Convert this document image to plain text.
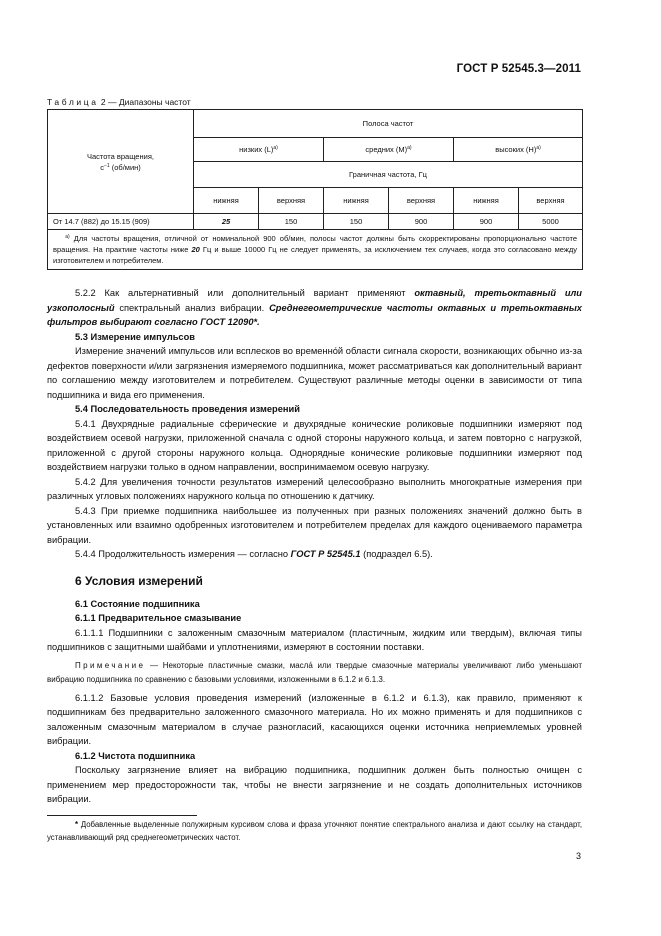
ГОСТ Р 52545.3—2011
Таблица 2 — Диапазоны частот
Частота вращения,
$с^{-1}$ (об/мин)	Полоса частот					
	низких $(L)^{а)}$		средних $(M)^{а)}$		высоких $(H)^{а)}$
	Граничная частота, Гц					
	нижняя	верхняя	нижняя	верхняя	нижняя	верхняя
От 14.7 (882) до 15.15 (909)	25	150	150	900	900	5000
$^{а)}$ Для частоты вращения, отличной от номинальной 900 об/мин, полосы частот должны быть скорректированы пропорционально частоте вращения. На практике частоты ниже 20 Гц и выше 10000 Гц не следует применять, за исключением тех случаев, когда это согласовано между изготовителем и потребителем.						

5.2.2 Как альтернативный или дополнительный вариант применяют октавный, третьоктавный или узкополосный спектральный анализ вибрации. Среднегеометрические частоты октавных и третьоктавных фильтров выбирают согласно ГОСТ 12090*.

5.3 Измерение импульсов

Измерение значений импульсов или всплесков во временно́й области сигнала скорости, возникающих обычно из-за дефектов поверхности и/или загрязнения измеряемого подшипника, может рассматриваться как дополнительный вариант по соглашению между изготовителем и потребителем. Существуют различные методы оценки в зависимости от типа подшипника и вида его применения.

5.4 Последовательность проведения измерений

5.4.1 Двухрядные радиальные сферические и двухрядные конические роликовые подшипники измеряют под воздействием осевой нагрузки, приложенной сначала с одной стороны наружного кольца, и затем повторно с нагрузкой, приложенной с другой стороны наружного кольца. Однорядные конические роликовые подшипники измеряют под воздействием нагрузки только в одном направлении, воспринимаемом осевую нагрузку.

5.4.2 Для увеличения точности результатов измерений целесообразно выполнить многократные измерения при различных угловых положениях наружного кольца по отношению к датчику.

5.4.3 При приемке подшипника наибольшее из полученных при разных положениях значений должно быть в установленных или взаимно одобренных изготовителем и потребителем пределах для каждого оцениваемого параметра вибрации.

5.4.4 Продолжительность измерения — согласно ГОСТ Р 52545.1 (подраздел 6.5).

6 Условия измерений

6.1 Состояние подшипника

6.1.1 Предварительное смазывание

6.1.1.1 Подшипники с заложенным смазочным материалом (пластичным, жидким или твердым), включая типы подшипников с защитными шайбами и уплотнениями, измеряют в состоянии поставки.

Примечание — Некоторые пластичные смазки, масла́ или твердые смазочные материалы увеличивают либо уменьшают вибрацию подшипника по сравнению с базовыми условиями, изложенными в 6.1.2 и 6.1.3.

6.1.1.2 Базовые условия проведения измерений (изложенные в 6.1.2 и 6.1.3), как правило, применяют к подшипникам без предварительно заложенного смазочного материала. Но их можно применять и для подшипников с заложенным смазочным материалом в случае разногласий, касающихся оценки источника неприемлемых уровней вибрации.

6.1.2 Чистота подшипника

Поскольку загрязнение влияет на вибрацию подшипника, подшипник должен быть полностью очищен с применением мер предосторожности так, чтобы не внести загрязнение и не создать дополнительных источников вибрации.

* Добавленные выделенные полужирным курсивом слова и фраза уточняют понятие спектрального анализа и дают ссылку на стандарт, устанавливающий ряд среднегеометрических частот.
3
